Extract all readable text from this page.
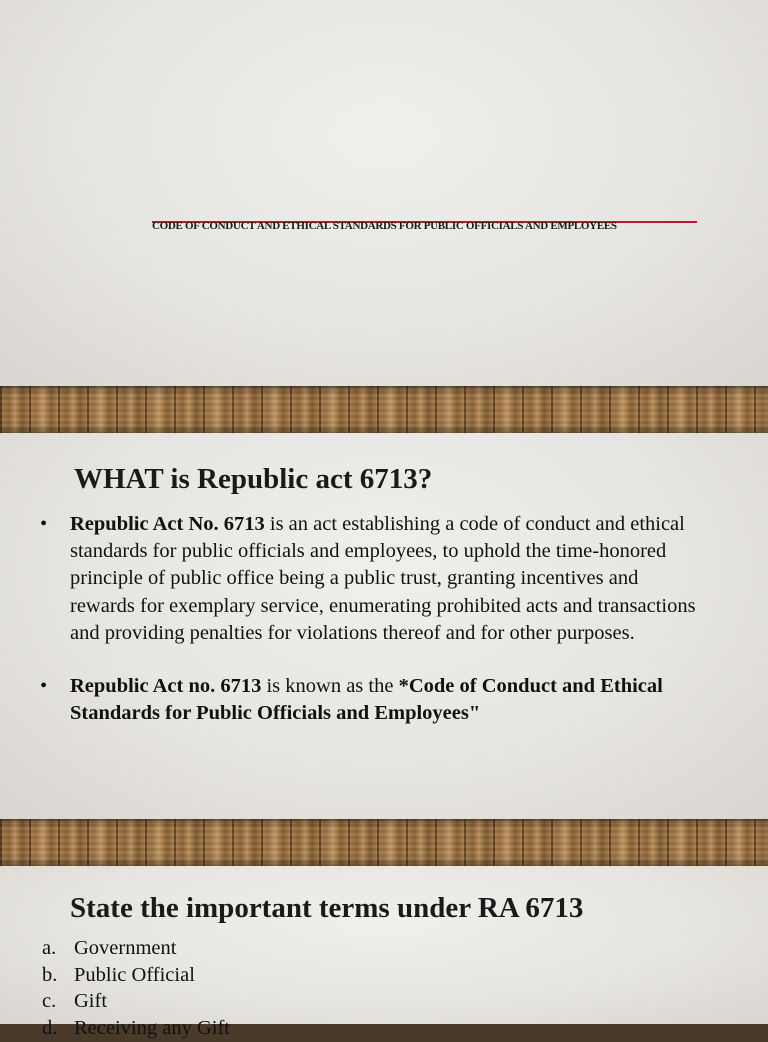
CODE OF CONDUCT AND ETHICAL STANDARDS FOR PUBLIC OFFICIALS AND EMPLOYEES

WHAT is Republic act 6713?
• Republic Act No. 6713 is an act establishing a code of conduct and ethical standards for public officials and employees, to uphold the time-honored principle of public office being a public trust, granting incentives and rewards for exemplary service, enumerating prohibited acts and transactions and providing penalties for violations thereof and for other purposes.
• Republic Act no. 6713 is known as the *Code of Conduct and Ethical Standards for Public Officials and Employees"
State the important terms under RA 6713
a. Government
b. Public Official
c. Gift
d. Receiving any Gift
